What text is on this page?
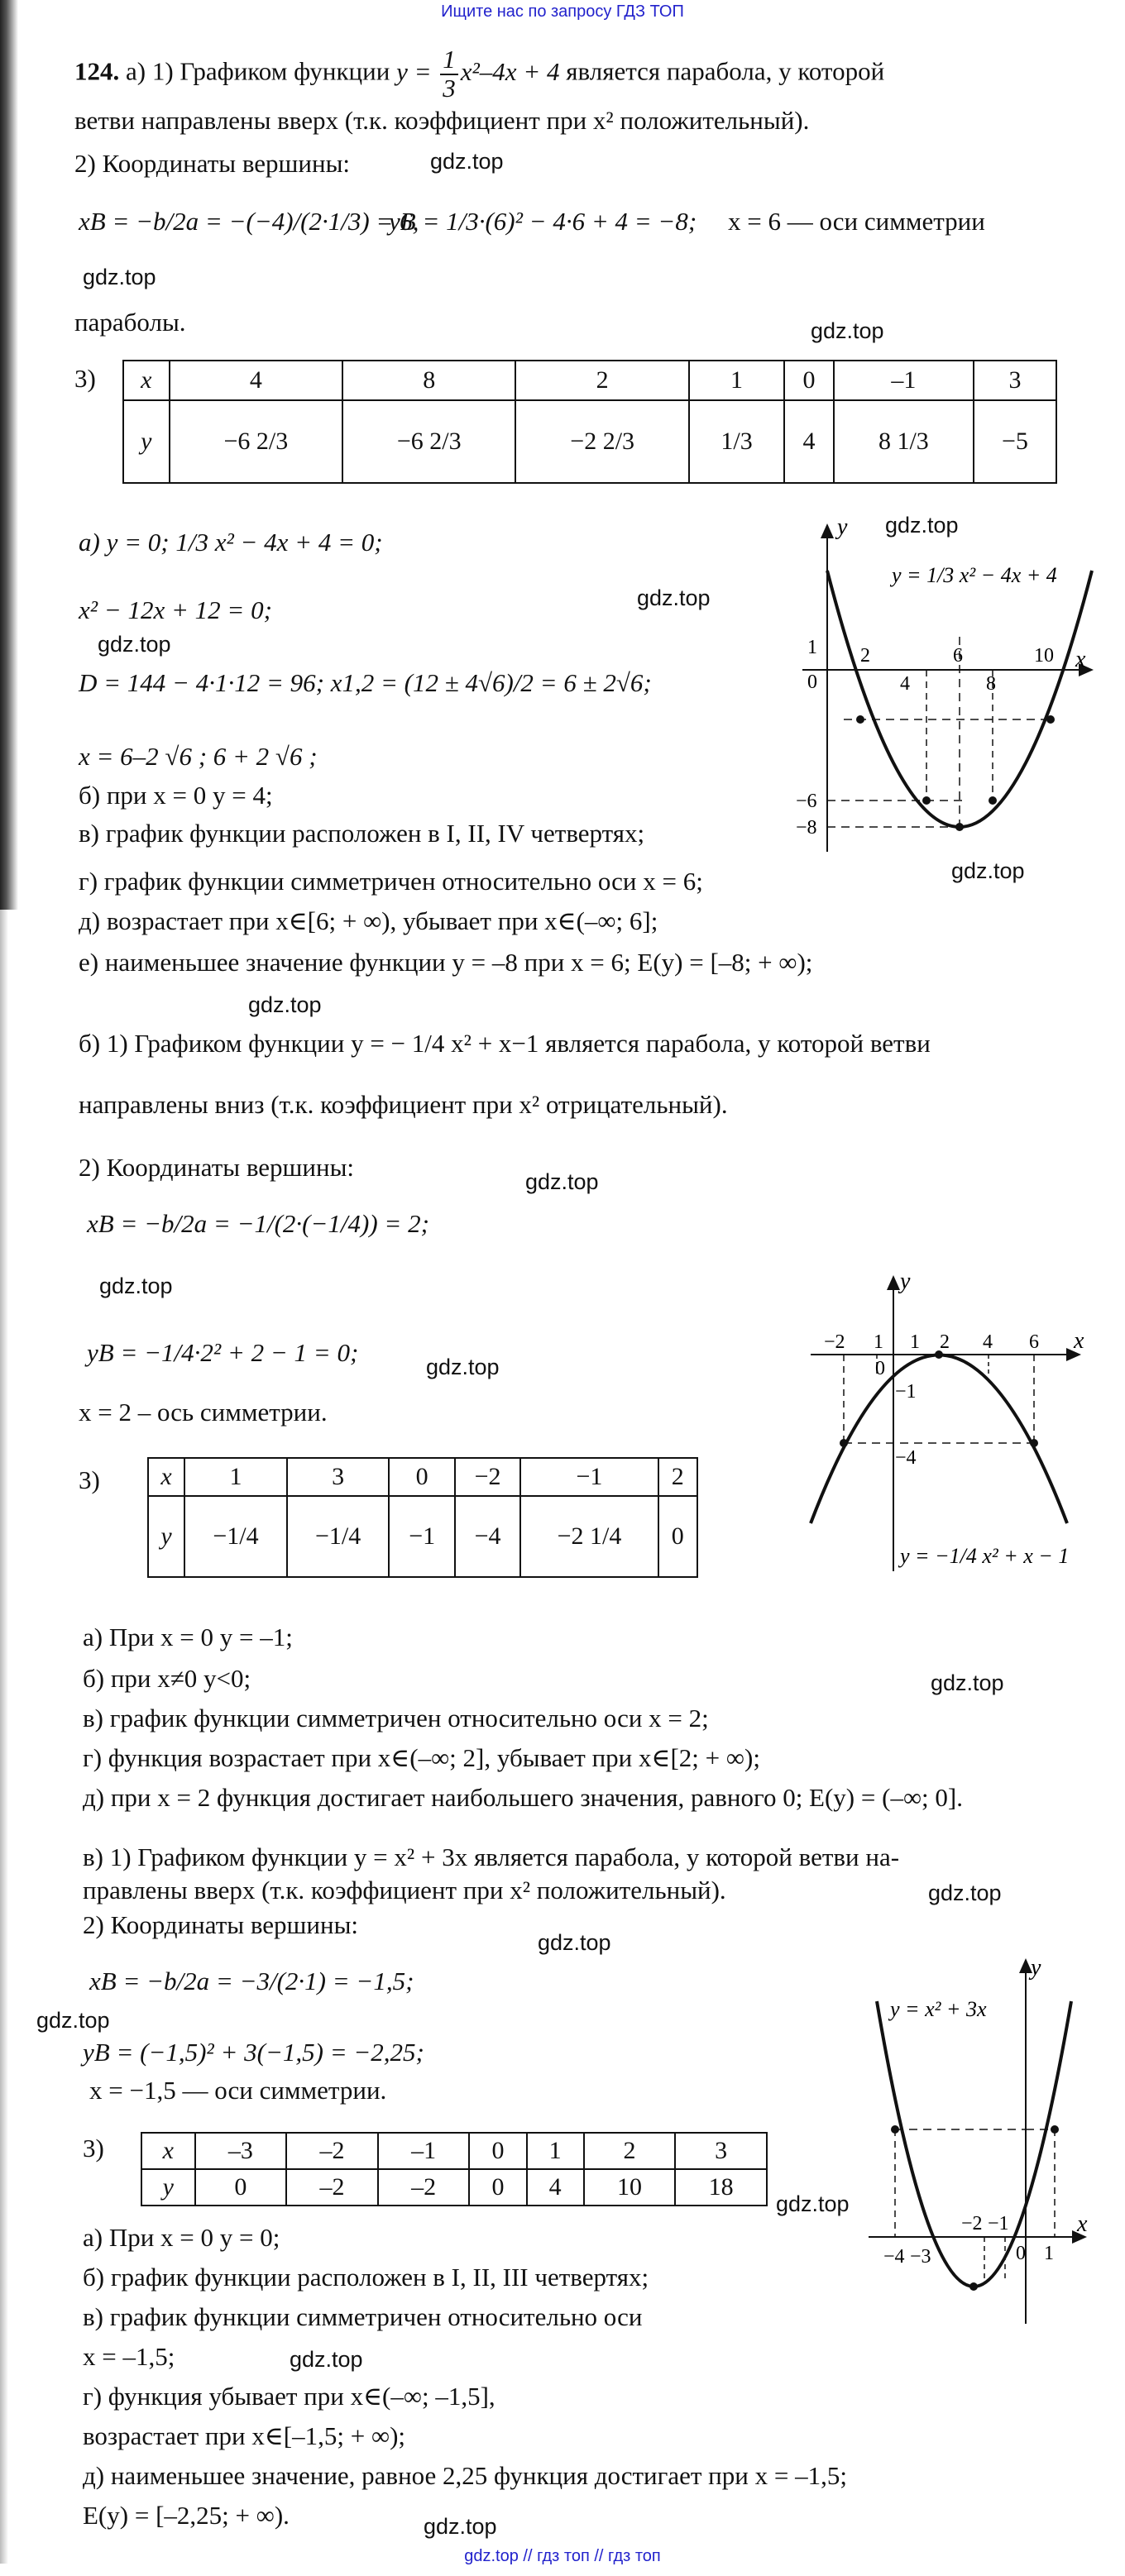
Ищите нас по запросу ГДЗ ТОП
124. а) 1) Графиком функции $y = \frac{1}{3} x^2-4x + 4$ является парабола, у которой
ветви направлены вверх (т.к. коэффициент при x² положительный).
2) Координаты вершины:
xB = −b/2a = −(−4)/(2·1/3) = 6,
yB = 1/3·(6)² − 4·6 + 4 = −8; x = 6 — оси симметрии
параболы.
3) x	4	8	2	1	0	–1	3
y	−6 2/3	−6 2/3	−2 2/3	1/3	4	8 1/3	−5
а) y = 0; 1/3 x² − 4x + 4 = 0;
x² − 12x + 12 = 0;
D = 144 − 4·1·12 = 96; x1,2 = (12 ± 4√6)/2 = 6 ± 2√6;
x = 6–2 √6 ; 6 + 2 √6 ;
б) при x = 0 y = 4;
в) график функции расположен в I, II, IV четвертях;
г) график функции симметричен относительно оси x = 6;
д) возрастает при x∈[6; + ∞), убывает при x∈(–∞; 6];
е) наименьшее значение функции y = –8 при x = 6; E(y) = [–8; + ∞);
y
x
y = 1/3 x² − 4x + 4
1
0
2
4
6
8
10
−6
−8
б) 1) Графиком функции y = − 1/4 x² + x−1 является парабола, у которой ветви
направлены вниз (т.к. коэффициент при x² отрицательный).
2) Координаты вершины:
xB = −b/2a = −1/(2·(−1/4)) = 2;
yB = −1/4·2² + 2 − 1 = 0;
x = 2 – ось симметрии.
3) x	1	3	0	−2	−1	2
y	−1/4	−1/4	−1	−4	−2 1/4	0
а) При x = 0 y = –1;
б) при x≠0 y<0;
в) график функции симметричен относительно оси x = 2;
г) функция возрастает при x∈(–∞; 2], убывает при x∈[2; + ∞);
д) при x = 2 функция достигает наибольшего значения, равного 0; E(y) = (–∞; 0].
y
x
y = −1/4 x² + x − 1
−2 1 1 2 4 6
0
−1
−4
в) 1) Графиком функции y = x² + 3x является парабола, у которой ветви на-
правлены вверх (т.к. коэффициент при x² положительный).
2) Координаты вершины:
xB = −b/2a = −3/(2·1) = −1,5;
yB = (−1,5)² + 3(−1,5) = −2,25;
x = −1,5 — оси симметрии.
3) x	–3	–2	–1	0	1	2	3
y	0	–2	–2	0	4	10	18
а) При x = 0 y = 0;
б) график функции расположен в I, II, III четвертях;
в) график функции симметричен относительно оси
x = –1,5;
г) функция убывает при x∈(–∞; –1,5],
возрастает при x∈[–1,5; + ∞);
д) наименьшее значение, равное 2,25 функция достигает при x = –1,5;
E(y) = [–2,25; + ∞).
y
x
y = x² + 3x
−4 −3
−2 −1
0 1
gdz.top
gdz.top
gdz.top
gdz.top
gdz.top
gdz.top
gdz.top
gdz.top
gdz.top
gdz.top
gdz.top
gdz.top
gdz.top
gdz.top
gdz.top
gdz.top
gdz.top
gdz.top
gdz.top // гдз топ // гдз топ
